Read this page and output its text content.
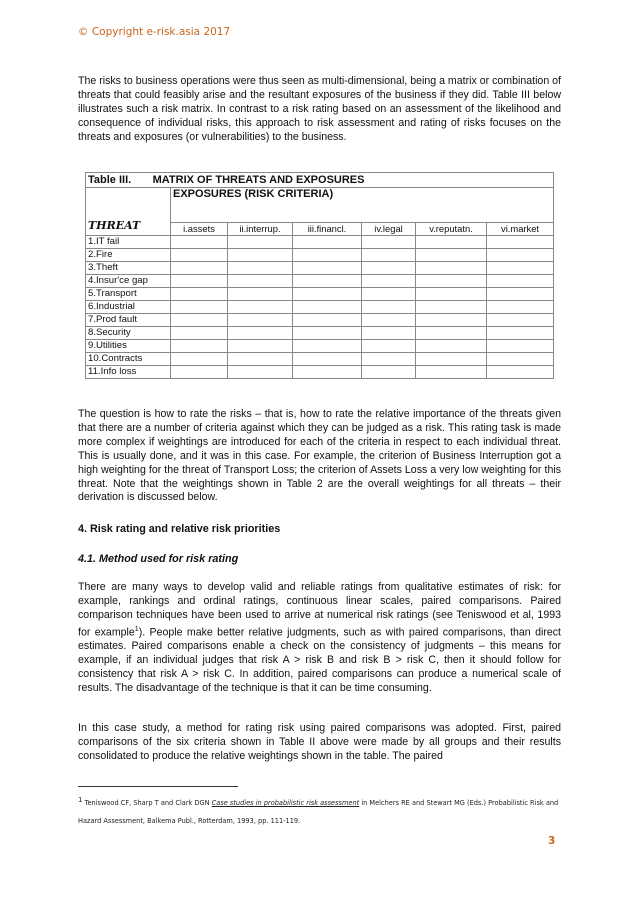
© Copyright e-risk.asia 2017

The risks to business operations were thus seen as multi-dimensional, being a matrix or combination of threats that could feasibly arise and the resultant exposures of the business if they did. Table III below illustrates such a risk matrix. In contrast to a risk rating based on an assessment of the likelihood and consequence of individual risks, this approach to risk assessment and rating of risks focuses on the threats and exposures (or vulnerabilities) to the business.

Table III. MATRIX OF THREATS AND EXPOSURES						
THREAT	EXPOSURES (RISK CRITERIA)					
	i.assets	ii.interrup.	iii.financl.	iv.legal	v.reputatn.	vi.market
1.IT fail						
2.Fire						
3.Theft						
4.Insur'ce gap						
5.Transport						
6.Industrial						
7.Prod fault						
8.Security						
9.Utilities						
10.Contracts						
11.Info loss						

The question is how to rate the risks – that is, how to rate the relative importance of the threats given that there are a number of criteria against which they can be judged as a risk. This rating task is made more complex if weightings are introduced for each of the criteria in respect to each individual threat. This is usually done, and it was in this case. For example, the criterion of Business Interruption got a high weighting for the threat of Transport Loss; the criterion of Assets Loss a very low weighting for this threat. Note that the weightings shown in Table 2 are the overall weightings for all threats – their derivation is discussed below.

4. Risk rating and relative risk priorities
4.1. Method used for risk rating

There are many ways to develop valid and reliable ratings from qualitative estimates of risk: for example, rankings and ordinal ratings, continuous linear scales, paired comparisons. Paired comparison techniques have been used to arrive at numerical risk ratings (see Teniswood et al, 1993 for example$^1$). People make better relative judgments, such as with paired comparisons, than direct estimates. Paired comparisons enable a check on the consistency of judgments – this means for example, if an individual judges that risk A > risk B and risk B > risk C, then it should follow for consistency that risk A > risk C. In addition, paired comparisons can produce a numerical scale of results. The disadvantage of the technique is that it can be time consuming.

In this case study, a method for rating risk using paired comparisons was adopted. First, paired comparisons of the six criteria shown in Table II above were made by all groups and their results consolidated to produce the relative weightings shown in the table. The paired

$^1$ Teniswood CF, Sharp T and Clark DGN Case studies in probabilistic risk assessment in Melchers RE and Stewart MG (Eds.) Probabilistic Risk and Hazard Assessment, Balkema Publ., Rotterdam, 1993, pp. 111-119.

3
